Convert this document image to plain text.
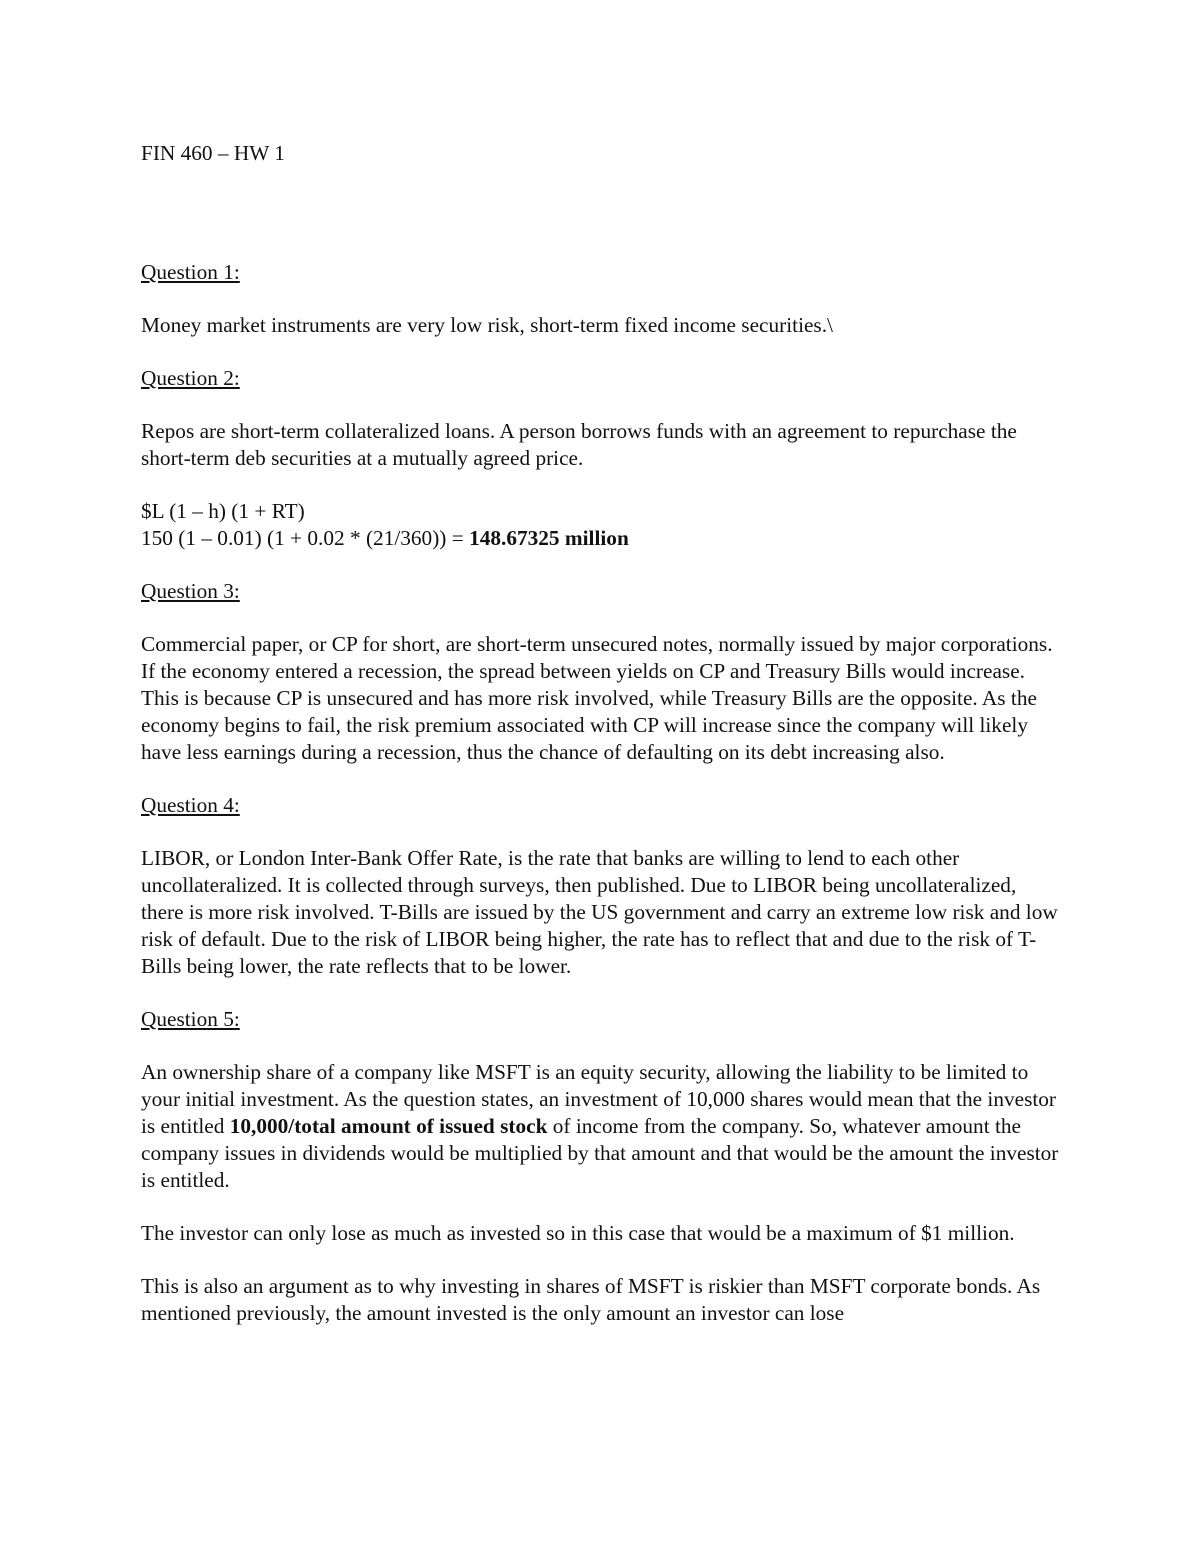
FIN 460 – HW 1
Question 1:
Money market instruments are very low risk, short-term fixed income securities.\
Question 2:
Repos are short-term collateralized loans. A person borrows funds with an agreement to repurchase the short-term deb securities at a mutually agreed price.
$L (1 – h) (1 + RT)
150 (1 – 0.01) (1 + 0.02 * (21/360)) = 148.67325 million
Question 3:
Commercial paper, or CP for short, are short-term unsecured notes, normally issued by major corporations. If the economy entered a recession, the spread between yields on CP and Treasury Bills would increase. This is because CP is unsecured and has more risk involved, while Treasury Bills are the opposite. As the economy begins to fail, the risk premium associated with CP will increase since the company will likely have less earnings during a recession, thus the chance of defaulting on its debt increasing also.
Question 4:
LIBOR, or London Inter-Bank Offer Rate, is the rate that banks are willing to lend to each other uncollateralized. It is collected through surveys, then published. Due to LIBOR being uncollateralized, there is more risk involved. T-Bills are issued by the US government and carry an extreme low risk and low risk of default. Due to the risk of LIBOR being higher, the rate has to reflect that and due to the risk of T-Bills being lower, the rate reflects that to be lower.
Question 5:
An ownership share of a company like MSFT is an equity security, allowing the liability to be limited to your initial investment. As the question states, an investment of 10,000 shares would mean that the investor is entitled 10,000/total amount of issued stock of income from the company. So, whatever amount the company issues in dividends would be multiplied by that amount and that would be the amount the investor is entitled.
The investor can only lose as much as invested so in this case that would be a maximum of $1 million.
This is also an argument as to why investing in shares of MSFT is riskier than MSFT corporate bonds. As mentioned previously, the amount invested is the only amount an investor can lose
